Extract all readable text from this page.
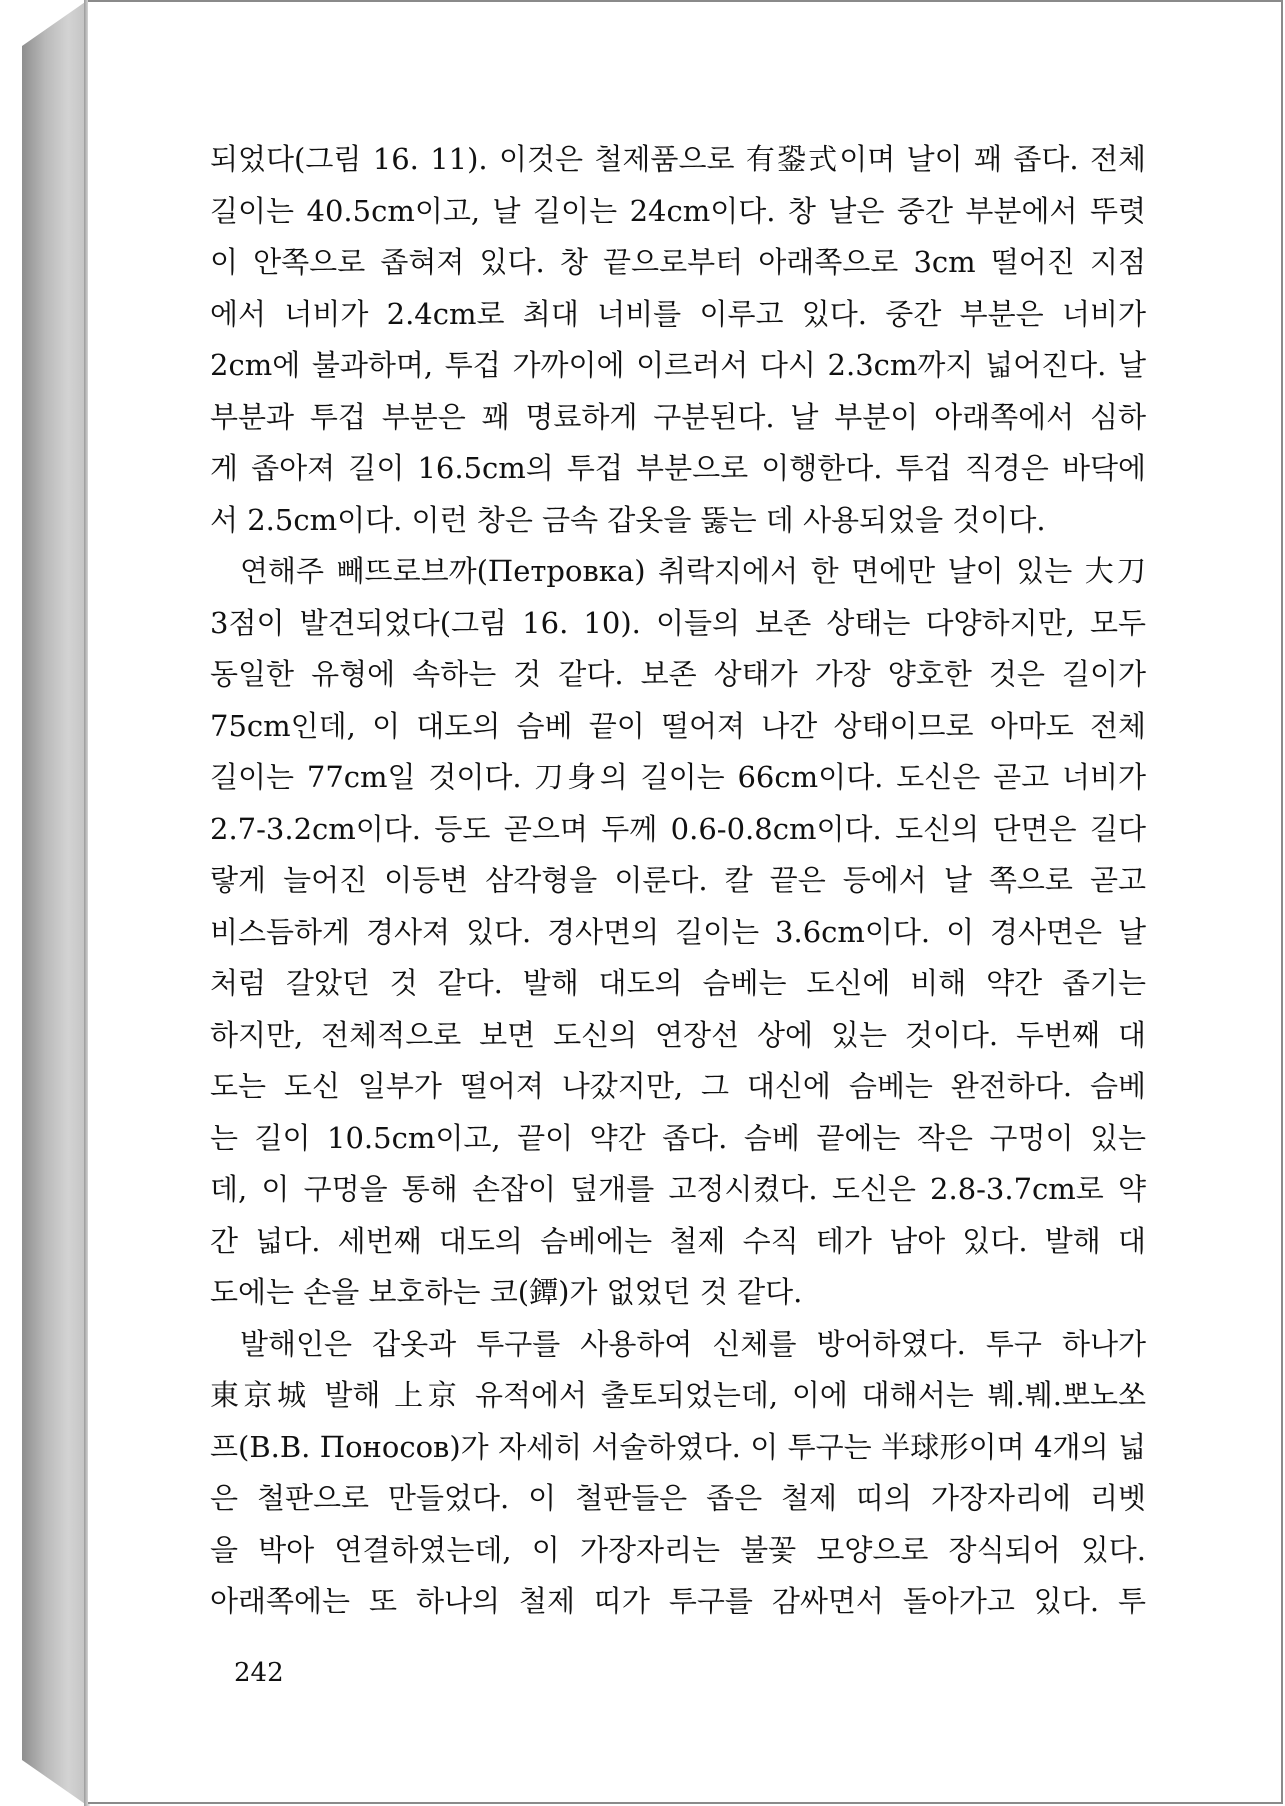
되었다(그림 16. 11). 이것은 철제품으로 有銎式이며 날이 꽤 좁다. 전체
길이는 40.5cm이고, 날 길이는 24cm이다. 창 날은 중간 부분에서 뚜렷
이 안쪽으로 좁혀져 있다. 창 끝으로부터 아래쪽으로 3cm 떨어진 지점
에서 너비가 2.4cm로 최대 너비를 이루고 있다. 중간 부분은 너비가
2cm에 불과하며, 투겁 가까이에 이르러서 다시 2.3cm까지 넓어진다. 날
부분과 투겁 부분은 꽤 명료하게 구분된다. 날 부분이 아래쪽에서 심하
게 좁아져 길이 16.5cm의 투겁 부분으로 이행한다. 투겁 직경은 바닥에
서 2.5cm이다. 이런 창은 금속 갑옷을 뚫는 데 사용되었을 것이다.
연해주 빼뜨로브까(Петровка) 취락지에서 한 면에만 날이 있는 大刀
3점이 발견되었다(그림 16. 10). 이들의 보존 상태는 다양하지만, 모두
동일한 유형에 속하는 것 같다. 보존 상태가 가장 양호한 것은 길이가
75cm인데, 이 대도의 슴베 끝이 떨어져 나간 상태이므로 아마도 전체
길이는 77cm일 것이다. 刀身의 길이는 66cm이다. 도신은 곧고 너비가
2.7-3.2cm이다. 등도 곧으며 두께 0.6-0.8cm이다. 도신의 단면은 길다
랗게 늘어진 이등변 삼각형을 이룬다. 칼 끝은 등에서 날 쪽으로 곧고
비스듬하게 경사져 있다. 경사면의 길이는 3.6cm이다. 이 경사면은 날
처럼 갈았던 것 같다. 발해 대도의 슴베는 도신에 비해 약간 좁기는
하지만, 전체적으로 보면 도신의 연장선 상에 있는 것이다. 두번째 대
도는 도신 일부가 떨어져 나갔지만, 그 대신에 슴베는 완전하다. 슴베
는 길이 10.5cm이고, 끝이 약간 좁다. 슴베 끝에는 작은 구멍이 있는
데, 이 구멍을 통해 손잡이 덮개를 고정시켰다. 도신은 2.8-3.7cm로 약
간 넓다. 세번째 대도의 슴베에는 철제 수직 테가 남아 있다. 발해 대
도에는 손을 보호하는 코(鐔)가 없었던 것 같다.
발해인은 갑옷과 투구를 사용하여 신체를 방어하였다. 투구 하나가
東京城 발해 上京 유적에서 출토되었는데, 이에 대해서는 붸.붸.뽀노쏘
프(В.В. Поносов)가 자세히 서술하였다. 이 투구는 半球形이며 4개의 넓
은 철판으로 만들었다. 이 철판들은 좁은 철제 띠의 가장자리에 리벳
을 박아 연결하였는데, 이 가장자리는 불꽃 모양으로 장식되어 있다.
아래쪽에는 또 하나의 철제 띠가 투구를 감싸면서 돌아가고 있다. 투
242
